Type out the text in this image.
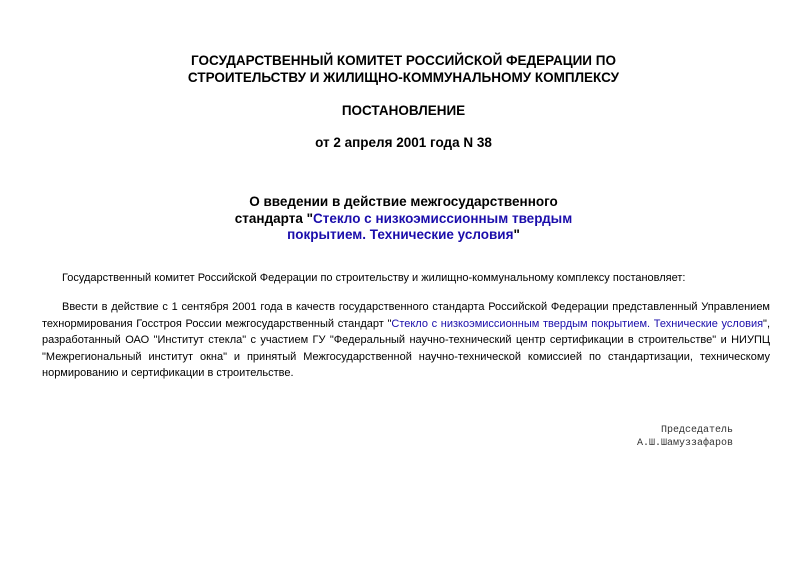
ГОСУДАРСТВЕННЫЙ КОМИТЕТ РОССИЙСКОЙ ФЕДЕРАЦИИ ПО
СТРОИТЕЛЬСТВУ И ЖИЛИЩНО-КОММУНАЛЬНОМУ КОМПЛЕКСУ
ПОСТАНОВЛЕНИЕ
от 2 апреля 2001 года N 38
О введении в действие межгосударственного
стандарта "Стекло с низкоэмиссионным твердым
покрытием. Технические условия"
Государственный комитет Российской Федерации по строительству и жилищно-коммунальному комплексу постановляет:
Ввести в действие с 1 сентября 2001 года в качеств государственного стандарта Российской Федерации представленный Управлением технормирования Госстроя России межгосударственный стандарт "Стекло с низкоэмиссионным твердым покрытием. Технические условия", разработанный ОАО "Институт стекла" с участием ГУ "Федеральный научно-технический центр сертификации в строительстве" и НИУПЦ "Межрегиональный институт окна" и принятый Межгосударственной научно-технической комиссией по стандартизации, техническому нормированию и сертификации в строительстве.
Председатель
А.Ш.Шамуззафаров
